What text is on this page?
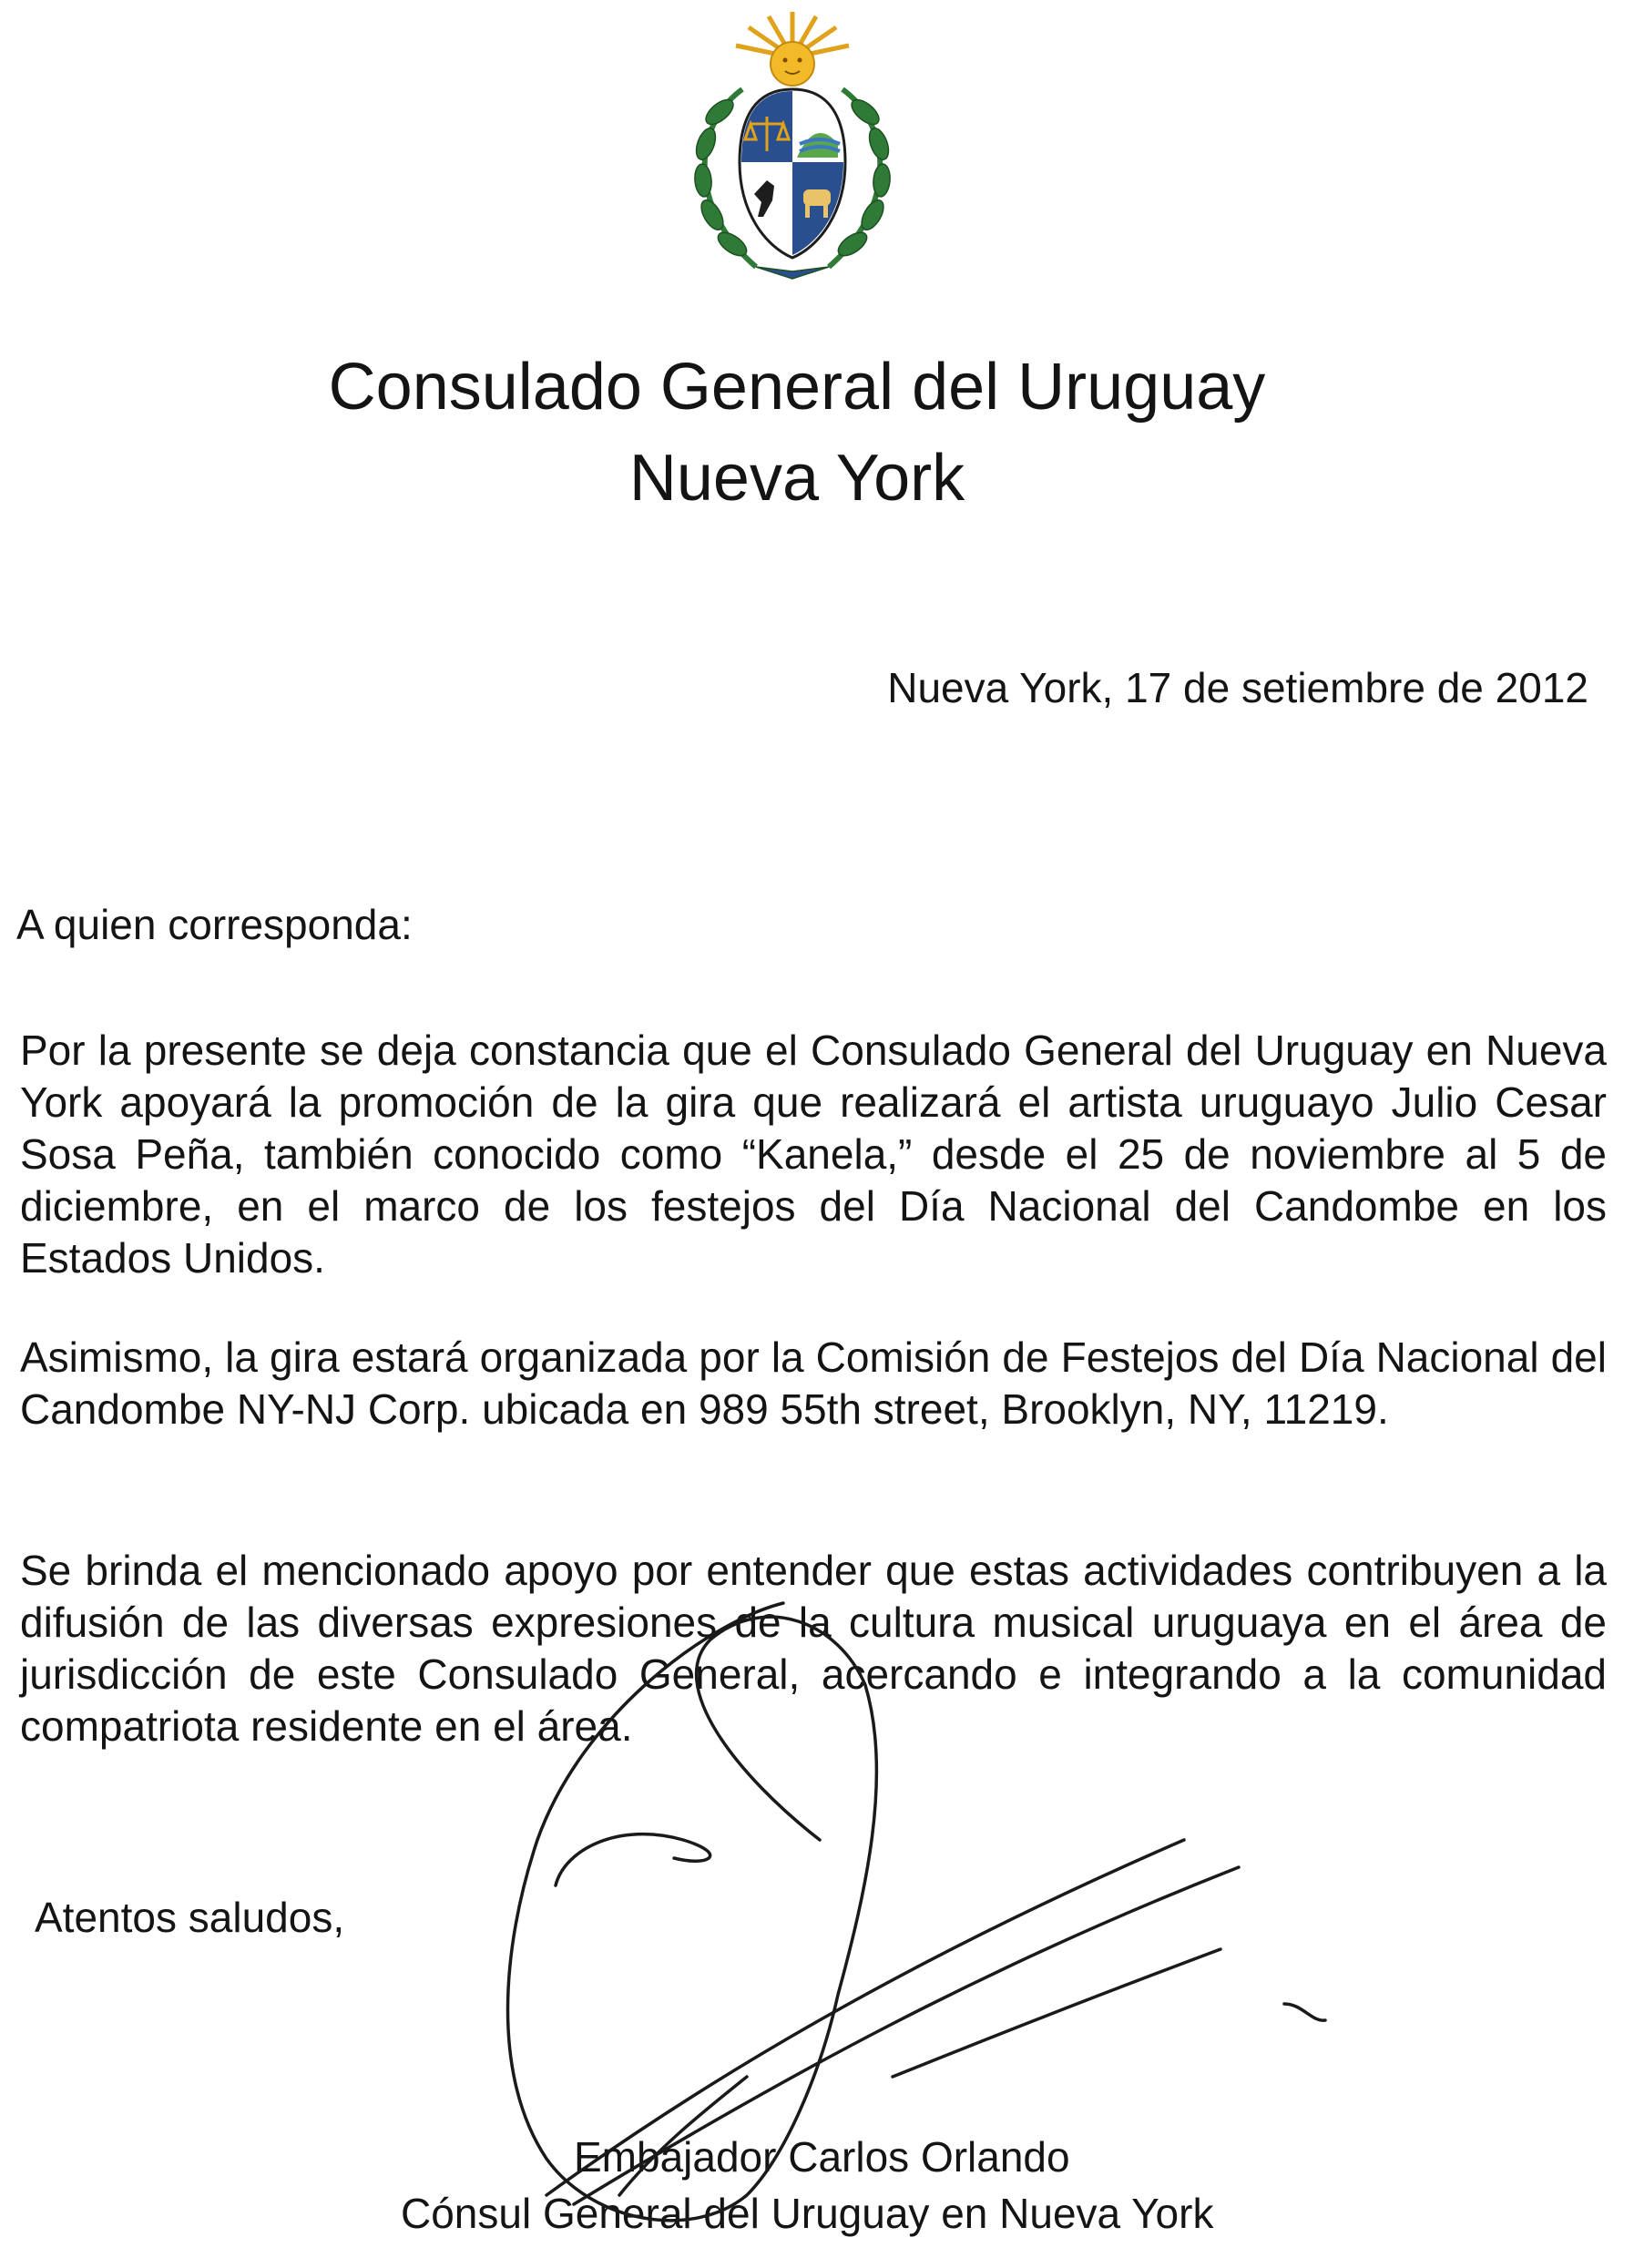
Consulado General del Uruguay
Nueva York
Nueva York, 17 de setiembre de 2012
A quien corresponda:
Por la presente se deja constancia que el Consulado General del Uruguay en Nueva York apoyará la promoción de la gira que realizará el artista uruguayo Julio Cesar Sosa Peña, también conocido como “Kanela,” desde el 25 de noviembre al 5 de diciembre, en el marco de los festejos del Día Nacional del Candombe en los Estados Unidos.
Asimismo, la gira estará organizada por la Comisión de Festejos del Día Nacional del Candombe NY-NJ Corp. ubicada en 989 55th street, Brooklyn, NY, 11219.
Se brinda el mencionado apoyo por entender que estas actividades contribuyen a la difusión de las diversas expresiones de la cultura musical uruguaya en el área de jurisdicción de este Consulado General, acercando e integrando a la comunidad compatriota residente en el área.
Atentos saludos,
Embajador Carlos Orlando
Cónsul General del Uruguay en Nueva York
